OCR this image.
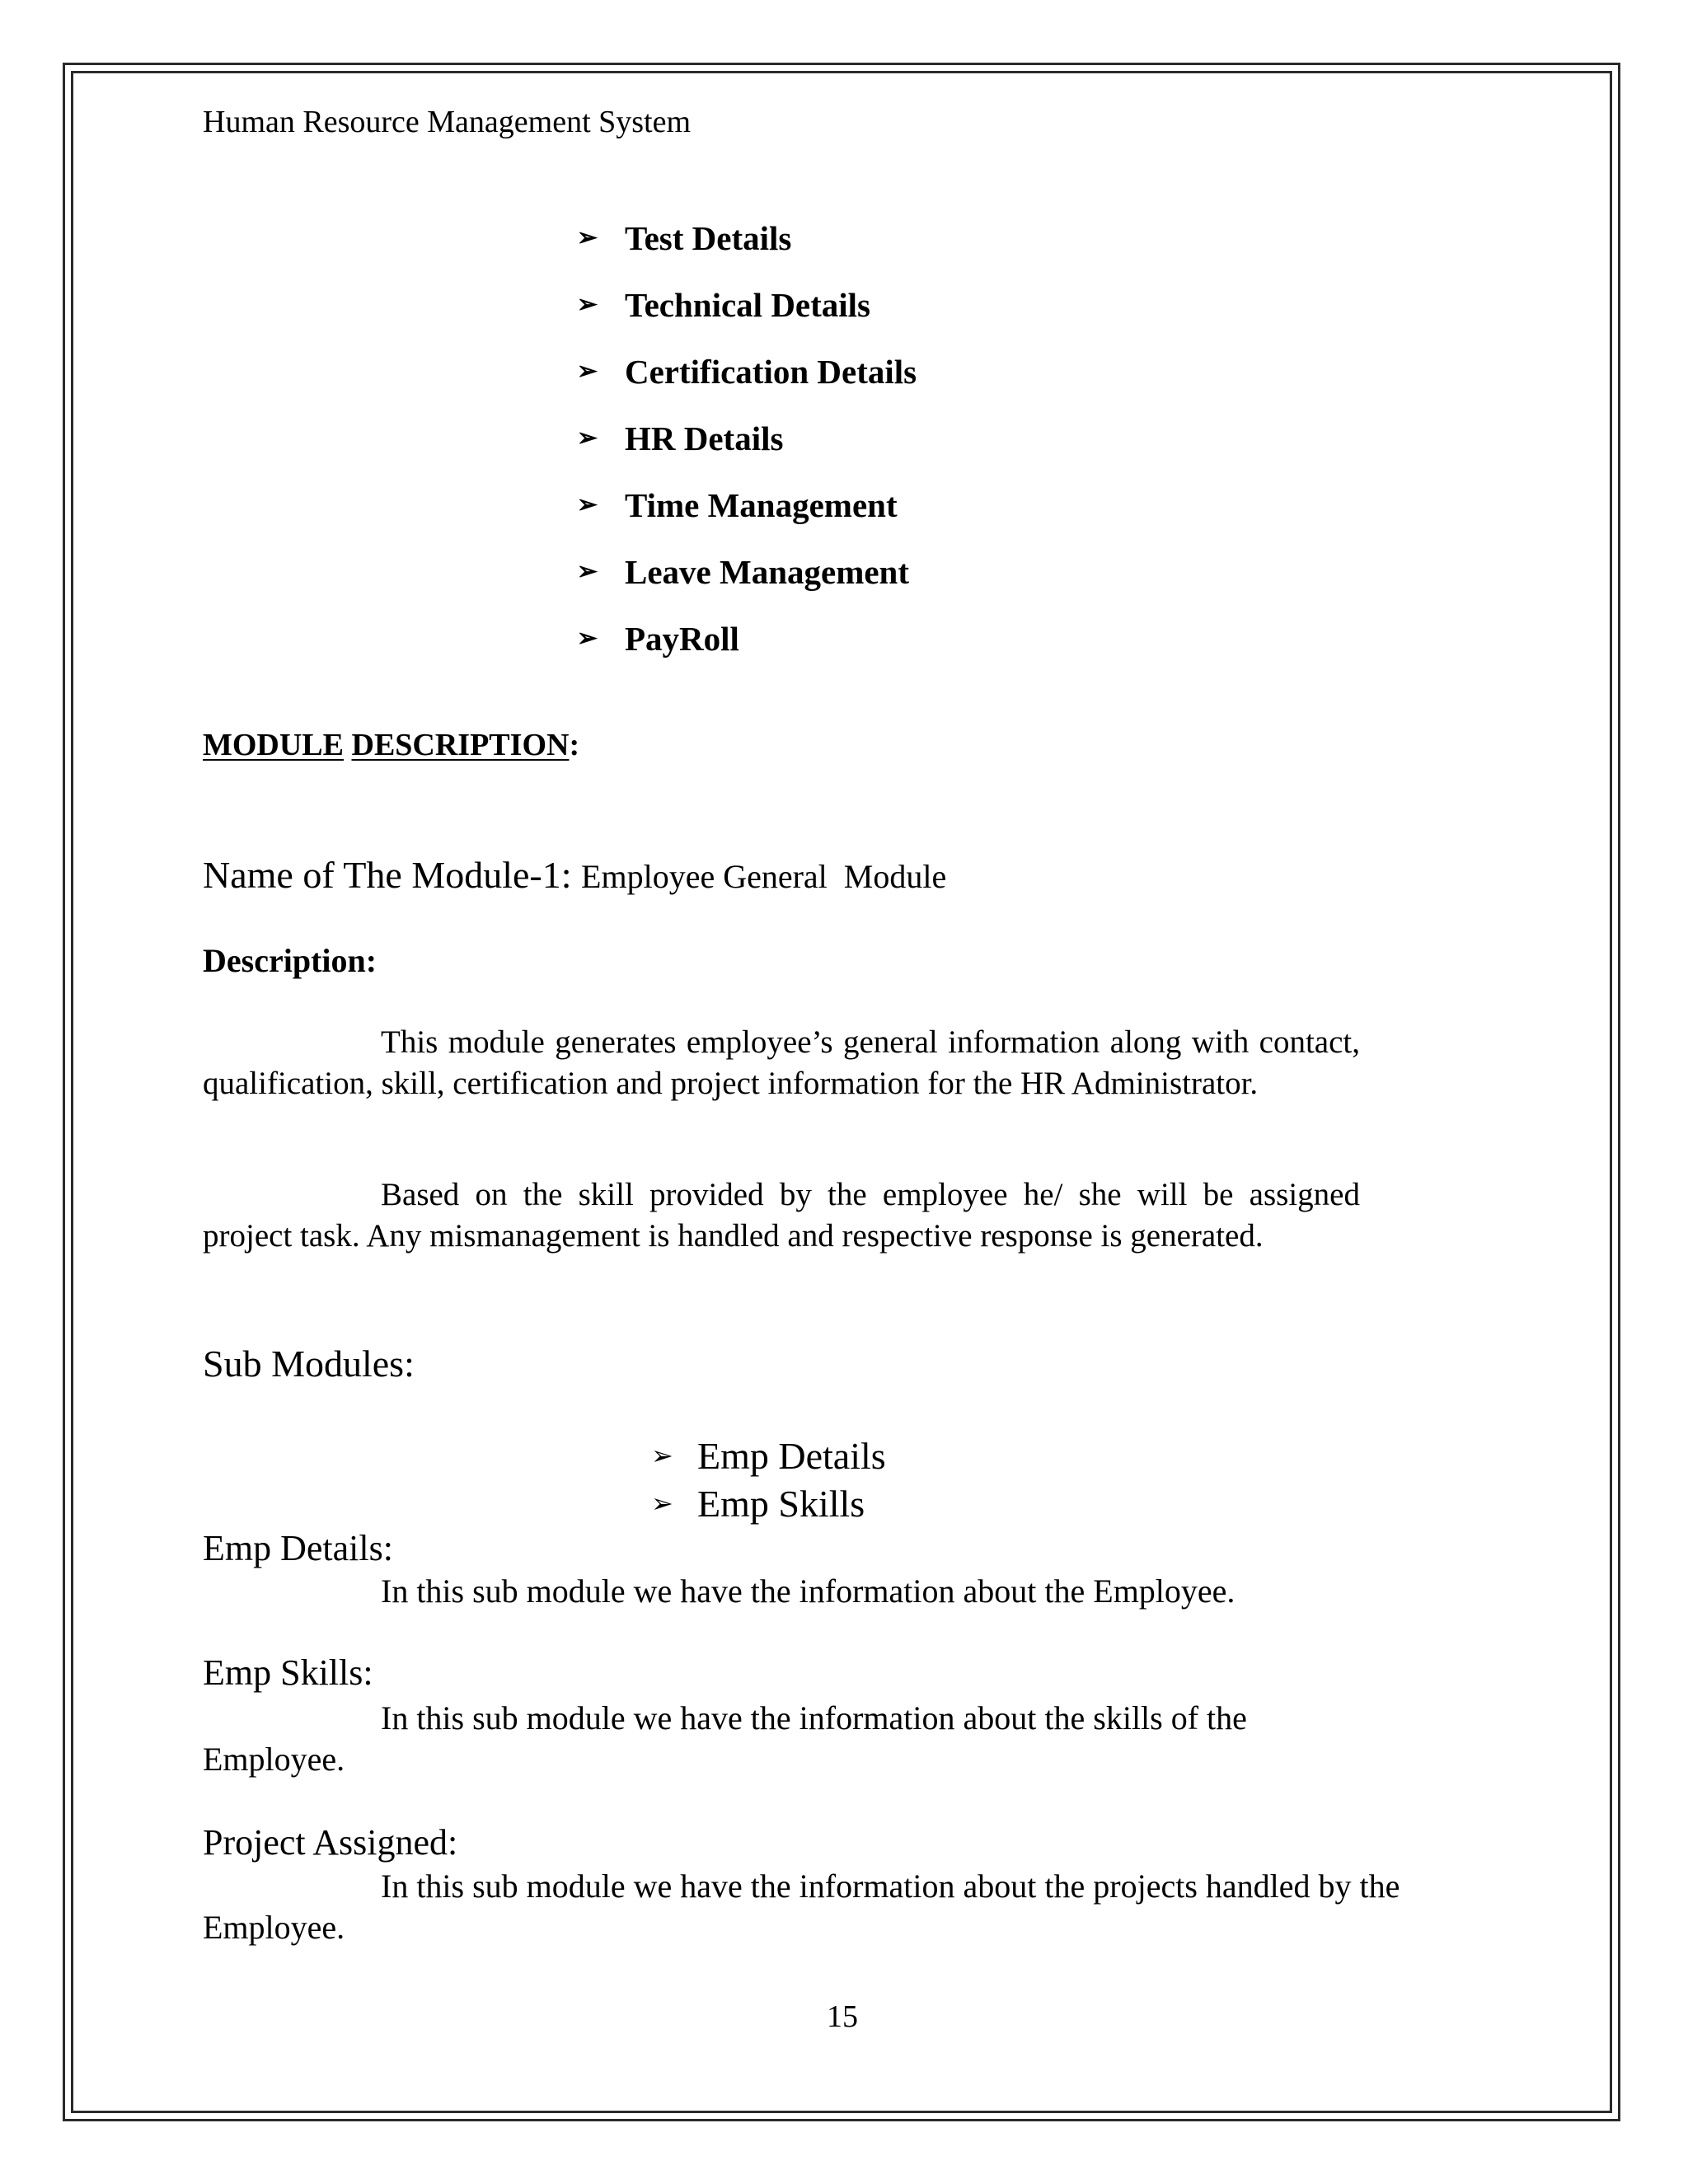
Human Resource Management System
➢ Test Details
➢ Technical Details
➢ Certification Details
➢ HR Details
➢ Time Management
➢ Leave Management
➢ PayRoll
MODULE DESCRIPTION:
Name of The Module-1: Employee General  Module
Description:

This module generates employee’s general information along with contact, qualification, skill, certification and project information for the HR Administrator.

Based on the skill provided by the employee he/ she will be assigned project task. Any mismanagement is handled and respective response is generated.

Sub Modules:
➢ Emp Details
➢ Emp Skills
Emp Details:

In this sub module we have the information about the Employee.

Emp Skills:

In this sub module we have the information about the skills of the Employee.

Project Assigned:

In this sub module we have the information about the projects handled by the Employee.

15
